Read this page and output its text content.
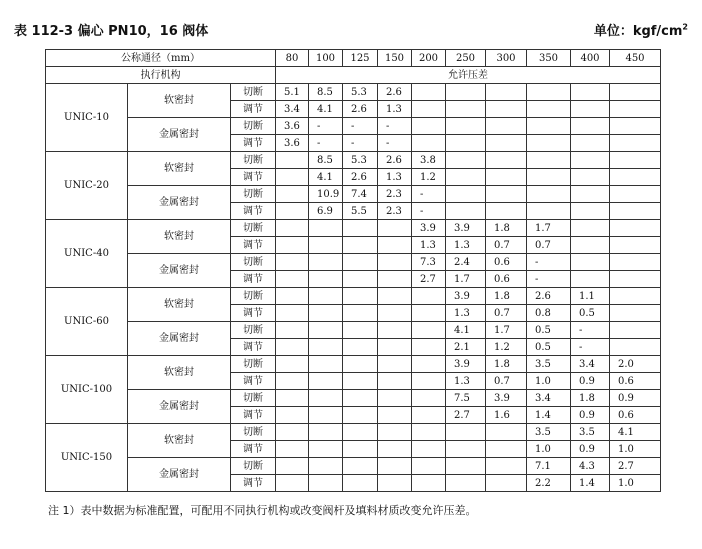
表 112-3 偏心 PN10，16 阀体	单位：kgf/$cm^2$
公称通径（mm）			80	100	125	150	200	250	300	350	400	450
执行机构			允许压差									
UNIC-10	软密封	切断	5.1	8.5	5.3	2.6						
		调节	3.4	4.1	2.6	1.3						
	金属密封	切断	3.6	-	-	-						
		调节	3.6	-	-	-						
UNIC-20	软密封	切断		8.5	5.3	2.6	3.8					
		调节		4.1	2.6	1.3	1.2					
	金属密封	切断		10.9	7.4	2.3	-					
		调节		6.9	5.5	2.3	-					
UNIC-40	软密封	切断					3.9	3.9	1.8	1.7		
		调节					1.3	1.3	0.7	0.7		
	金属密封	切断					7.3	2.4	0.6	-		
		调节					2.7	1.7	0.6	-		
UNIC-60	软密封	切断						3.9	1.8	2.6	1.1	
		调节						1.3	0.7	0.8	0.5	
	金属密封	切断						4.1	1.7	0.5	-	
		调节						2.1	1.2	0.5	-	
UNIC-100	软密封	切断						3.9	1.8	3.5	3.4	2.0
		调节						1.3	0.7	1.0	0.9	0.6
	金属密封	切断						7.5	3.9	3.4	1.8	0.9
		调节						2.7	1.6	1.4	0.9	0.6
UNIC-150	软密封	切断								3.5	3.5	4.1
		调节								1.0	0.9	1.0
	金属密封	切断								7.1	4.3	2.7
		调节								2.2	1.4	1.0
注 1）表中数据为标准配置，可配用不同执行机构或改变阀杆及填料材质改变允许压差。
